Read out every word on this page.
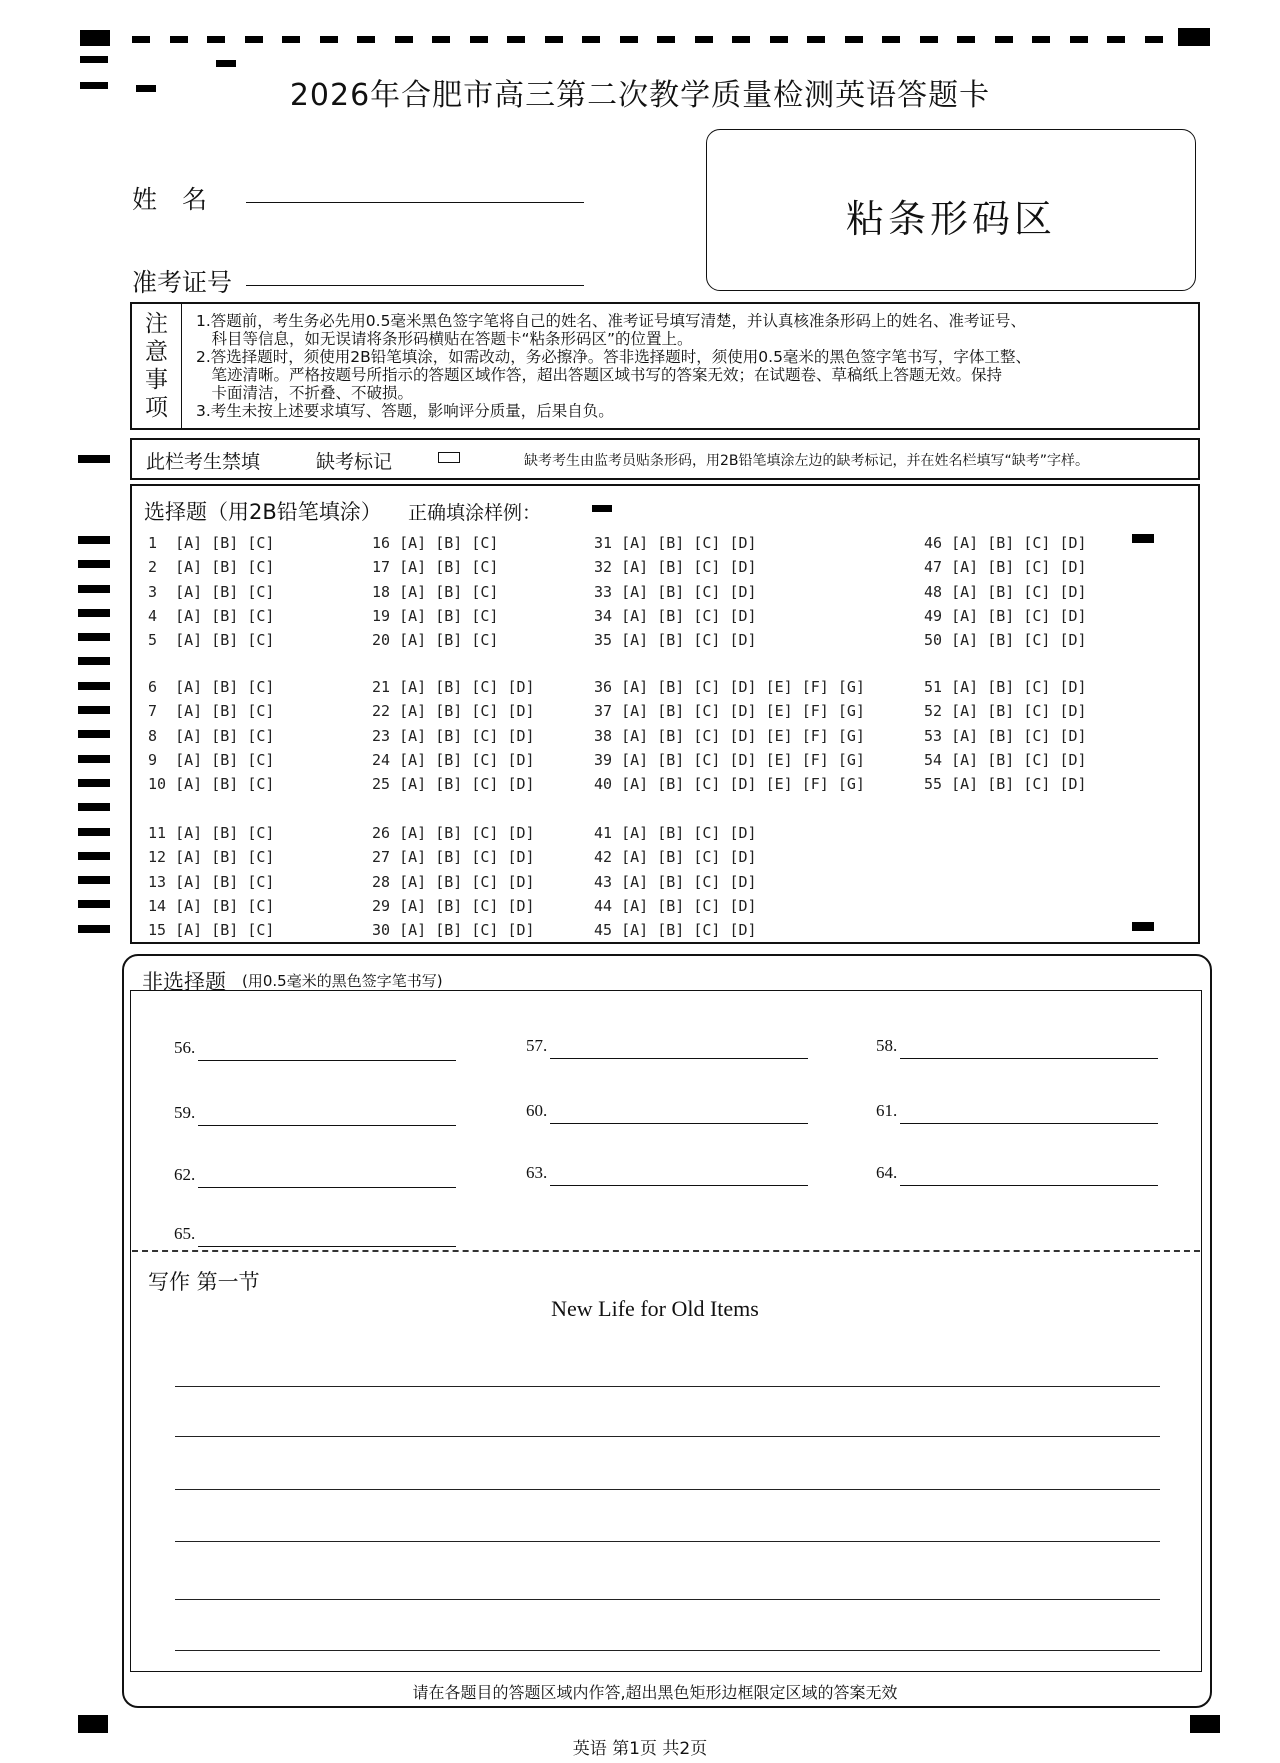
2026年合肥市高三第二次教学质量检测英语答题卡
姓　名
准考证号
粘条形码区
注
意
事
项
1.答题前，考生务必先用0.5毫米黑色签字笔将自己的姓名、准考证号填写清楚，并认真核准条形码上的姓名、准考证号、
　科目等信息，如无误请将条形码横贴在答题卡“粘条形码区”的位置上。
2.答选择题时，须使用2B铅笔填涂，如需改动，务必擦净。答非选择题时，须使用0.5毫米的黑色签字笔书写，字体工整、
　笔迹清晰。严格按题号所指示的答题区域作答，超出答题区域书写的答案无效；在试题卷、草稿纸上答题无效。保持
　卡面清洁，不折叠、不破损。
3.考生未按上述要求填写、答题，影响评分质量，后果自负。
此栏考生禁填	缺考标记	缺考考生由监考员贴条形码，用2B铅笔填涂左边的缺考标记，并在姓名栏填写“缺考”字样。
选择题（用2B铅笔填涂） 正确填涂样例：
1  [A] [B] [C]
2  [A] [B] [C]
3  [A] [B] [C]
4  [A] [B] [C]
5  [A] [B] [C]
6  [A] [B] [C]
7  [A] [B] [C]
8  [A] [B] [C]
9  [A] [B] [C]
10 [A] [B] [C]
11 [A] [B] [C]
12 [A] [B] [C]
13 [A] [B] [C]
14 [A] [B] [C]
15 [A] [B] [C]
16 [A] [B] [C]
17 [A] [B] [C]
18 [A] [B] [C]
19 [A] [B] [C]
20 [A] [B] [C]
21 [A] [B] [C] [D]
22 [A] [B] [C] [D]
23 [A] [B] [C] [D]
24 [A] [B] [C] [D]
25 [A] [B] [C] [D]
26 [A] [B] [C] [D]
27 [A] [B] [C] [D]
28 [A] [B] [C] [D]
29 [A] [B] [C] [D]
30 [A] [B] [C] [D]
31 [A] [B] [C] [D]
32 [A] [B] [C] [D]
33 [A] [B] [C] [D]
34 [A] [B] [C] [D]
35 [A] [B] [C] [D]
36 [A] [B] [C] [D] [E] [F] [G]
37 [A] [B] [C] [D] [E] [F] [G]
38 [A] [B] [C] [D] [E] [F] [G]
39 [A] [B] [C] [D] [E] [F] [G]
40 [A] [B] [C] [D] [E] [F] [G]
41 [A] [B] [C] [D]
42 [A] [B] [C] [D]
43 [A] [B] [C] [D]
44 [A] [B] [C] [D]
45 [A] [B] [C] [D]
46 [A] [B] [C] [D]
47 [A] [B] [C] [D]
48 [A] [B] [C] [D]
49 [A] [B] [C] [D]
50 [A] [B] [C] [D]
51 [A] [B] [C] [D]
52 [A] [B] [C] [D]
53 [A] [B] [C] [D]
54 [A] [B] [C] [D]
55 [A] [B] [C] [D]
非选择题 (用0.5毫米的黑色签字笔书写)
56.	57.	58.
59.	60.	61.
62.	63.	64.
65.
写作 第一节
New Life for Old Items
请在各题目的答题区域内作答,超出黑色矩形边框限定区域的答案无效
英语 第1页 共2页
